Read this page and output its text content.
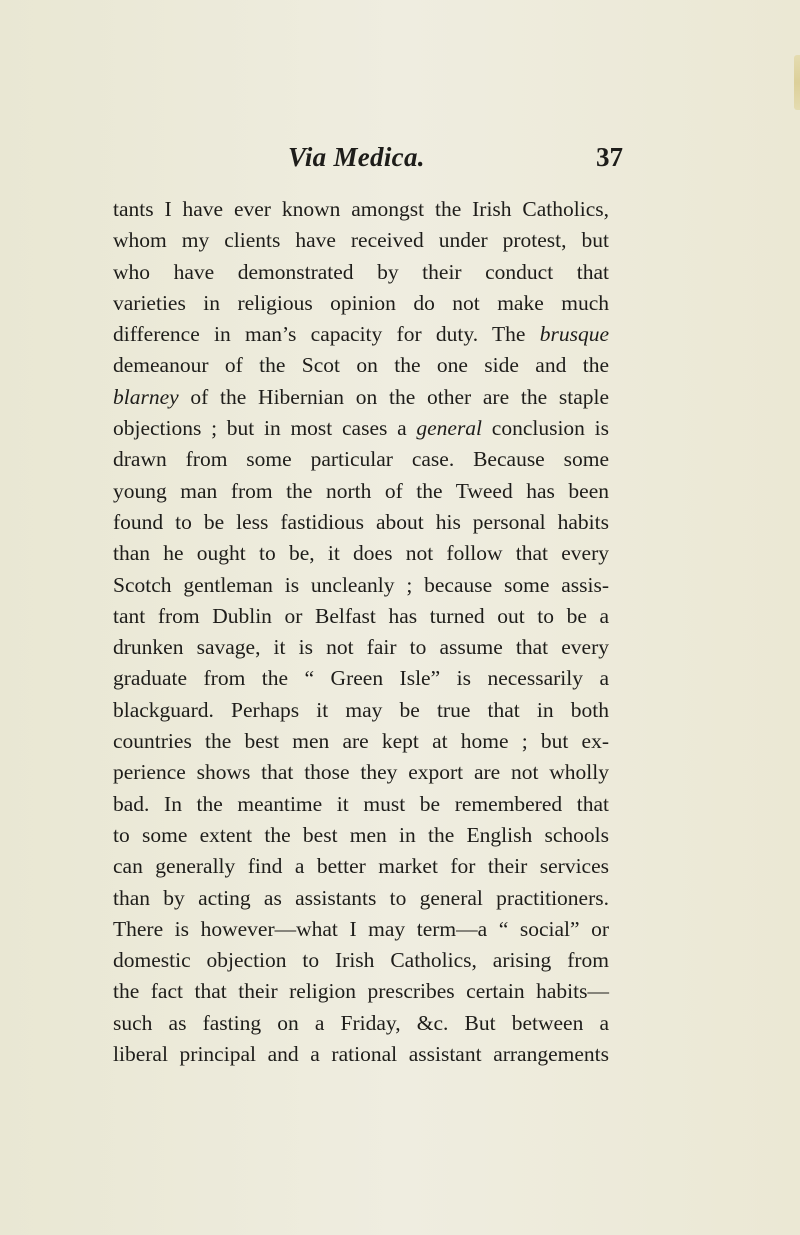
Via Medica.	37
tants I have ever known amongst the Irish Catholics,
whom my clients have received under protest, but
who have demonstrated by their conduct that
varieties in religious opinion do not make much
difference in man’s capacity for duty. The brusque
demeanour of the Scot on the one side and the
blarney of the Hibernian on the other are the staple
objections ; but in most cases a general conclusion is
drawn from some particular case. Because some
young man from the north of the Tweed has been
found to be less fastidious about his personal habits
than he ought to be, it does not follow that every
Scotch gentleman is uncleanly ; because some assis-
tant from Dublin or Belfast has turned out to be a
drunken savage, it is not fair to assume that every
graduate from the “ Green Isle” is necessarily a
blackguard. Perhaps it may be true that in both
countries the best men are kept at home ; but ex-
perience shows that those they export are not wholly
bad. In the meantime it must be remembered that
to some extent the best men in the English schools
can generally find a better market for their services
than by acting as assistants to general practitioners.
There is however—what I may term—a “ social” or
domestic objection to Irish Catholics, arising from
the fact that their religion prescribes certain habits—
such as fasting on a Friday, &c. But between a
liberal principal and a rational assistant arrangements
